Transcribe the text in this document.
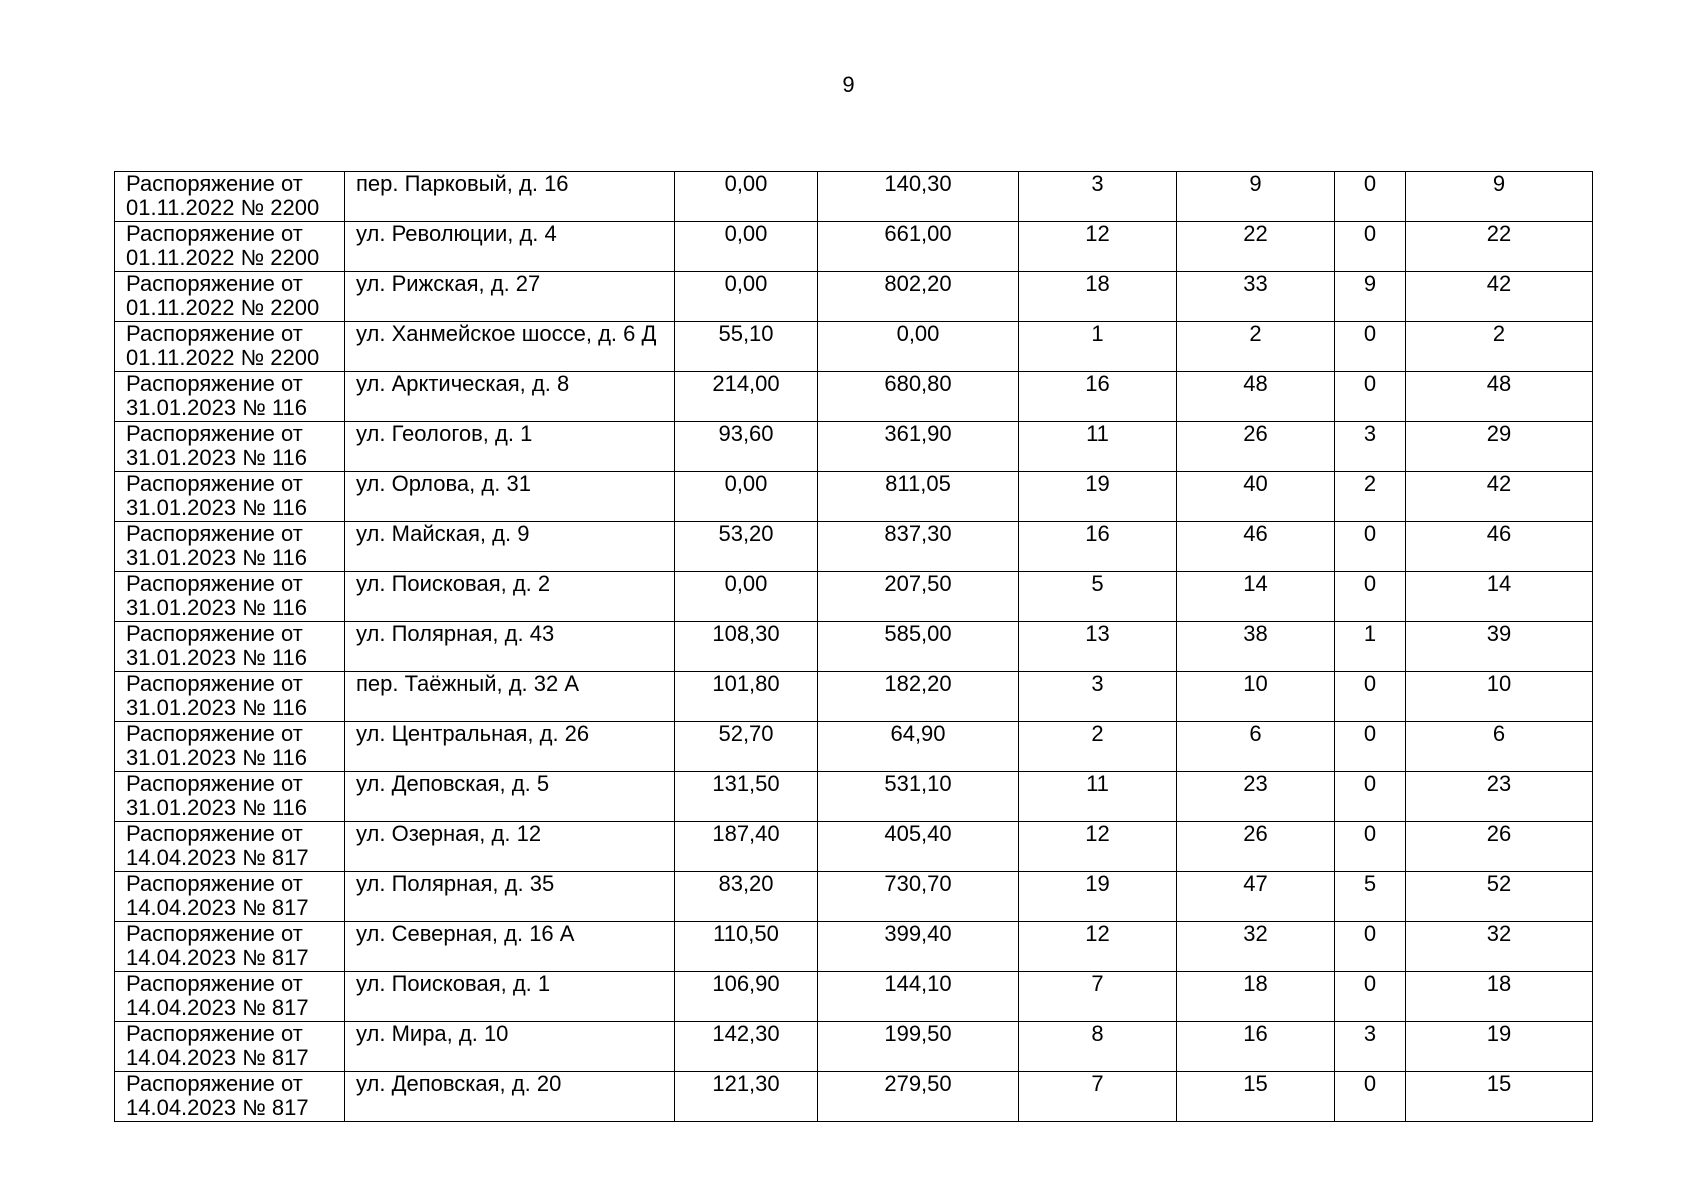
9
Распоряжение от
01.11.2022 № 2200	пер. Парковый, д. 16	0,00	140,30	3	9	0	9

Распоряжение от
01.11.2022 № 2200	ул. Революции, д. 4	0,00	661,00	12	22	0	22

Распоряжение от
01.11.2022 № 2200	ул. Рижская, д. 27	0,00	802,20	18	33	9	42

Распоряжение от
01.11.2022 № 2200	ул. Ханмейское шоссе, д. 6 Д	55,10	0,00	1	2	0	2

Распоряжение от
31.01.2023 № 116	ул. Арктическая, д. 8	214,00	680,80	16	48	0	48

Распоряжение от
31.01.2023 № 116	ул. Геологов, д. 1	93,60	361,90	11	26	3	29

Распоряжение от
31.01.2023 № 116	ул. Орлова, д. 31	0,00	811,05	19	40	2	42

Распоряжение от
31.01.2023 № 116	ул. Майская, д. 9	53,20	837,30	16	46	0	46

Распоряжение от
31.01.2023 № 116	ул. Поисковая, д. 2	0,00	207,50	5	14	0	14

Распоряжение от
31.01.2023 № 116	ул. Полярная, д. 43	108,30	585,00	13	38	1	39

Распоряжение от
31.01.2023 № 116	пер. Таёжный, д. 32 А	101,80	182,20	3	10	0	10

Распоряжение от
31.01.2023 № 116	ул. Центральная, д. 26	52,70	64,90	2	6	0	6

Распоряжение от
31.01.2023 № 116	ул. Деповская, д. 5	131,50	531,10	11	23	0	23

Распоряжение от
14.04.2023 № 817	ул. Озерная, д. 12	187,40	405,40	12	26	0	26

Распоряжение от
14.04.2023 № 817	ул. Полярная, д. 35	83,20	730,70	19	47	5	52

Распоряжение от
14.04.2023 № 817	ул. Северная, д. 16 А	110,50	399,40	12	32	0	32

Распоряжение от
14.04.2023 № 817	ул. Поисковая, д. 1	106,90	144,10	7	18	0	18

Распоряжение от
14.04.2023 № 817	ул. Мира, д. 10	142,30	199,50	8	16	3	19

Распоряжение от
14.04.2023 № 817	ул. Деповская, д. 20	121,30	279,50	7	15	0	15
